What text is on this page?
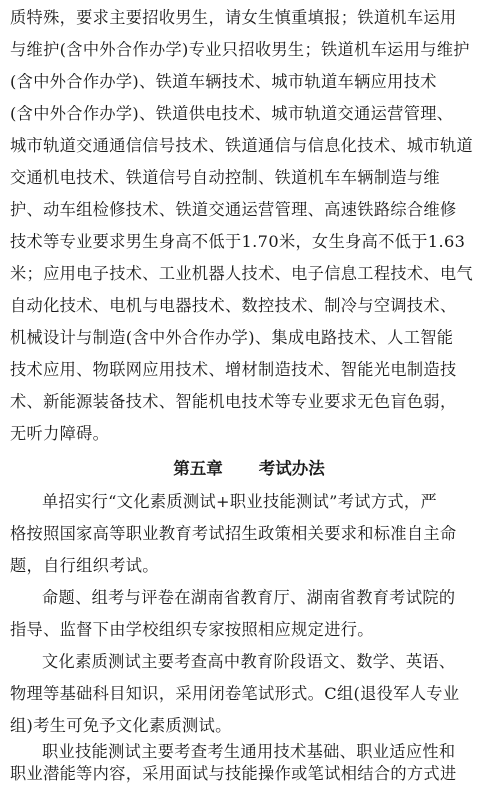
质特殊，要求主要招收男生，请女生慎重填报；铁道机车运用
与维护(含中外合作办学)专业只招收男生；铁道机车运用与维护
(含中外合作办学)、铁道车辆技术、城市轨道车辆应用技术
(含中外合作办学)、铁道供电技术、城市轨道交通运营管理、
城市轨道交通通信信号技术、铁道通信与信息化技术、城市轨道
交通机电技术、铁道信号自动控制、铁道机车车辆制造与维
护、动车组检修技术、铁道交通运营管理、高速铁路综合维修
技术等专业要求男生身高不低于1.70米，女生身高不低于1.63
米；应用电子技术、工业机器人技术、电子信息工程技术、电气
自动化技术、电机与电器技术、数控技术、制冷与空调技术、
机械设计与制造(含中外合作办学)、集成电路技术、人工智能
技术应用、物联网应用技术、增材制造技术、智能光电制造技
术、新能源装备技术、智能机电技术等专业要求无色盲色弱，
无听力障碍。
第五章 考试办法
单招实行“文化素质测试+职业技能测试”考试方式，严
格按照国家高等职业教育考试招生政策相关要求和标准自主命
题，自行组织考试。
命题、组考与评卷在湖南省教育厅、湖南省教育考试院的
指导、监督下由学校组织专家按照相应规定进行。
文化素质测试主要考查高中教育阶段语文、数学、英语、
物理等基础科目知识，采用闭卷笔试形式。C组(退役军人专业
组)考生可免予文化素质测试。
职业技能测试主要考查考生通用技术基础、职业适应性和
职业潜能等内容，采用面试与技能操作或笔试相结合的方式进
